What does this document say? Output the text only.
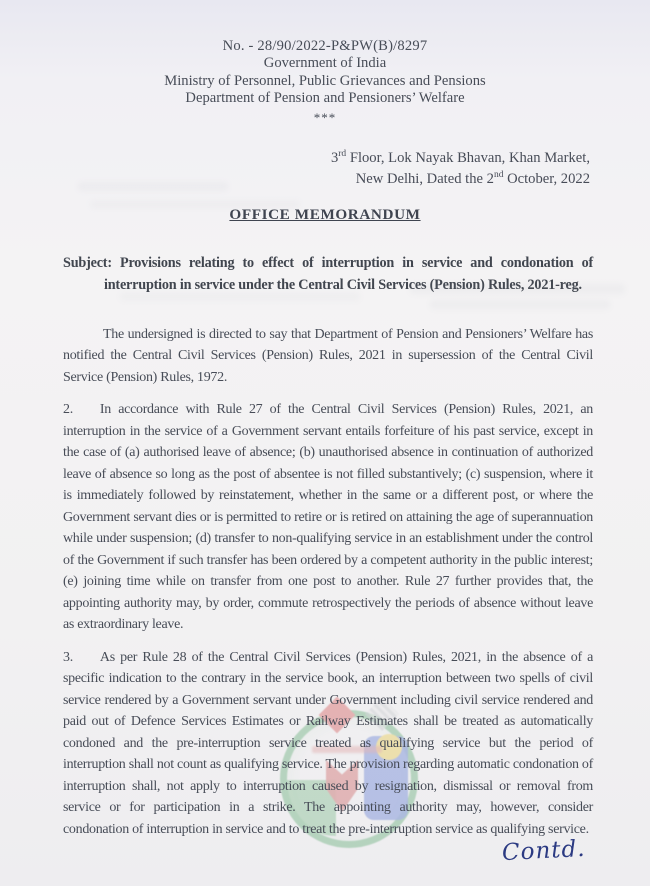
No. - 28/90/2022-P&PW(B)/8297
Government of India
Ministry of Personnel, Public Grievances and Pensions
Department of Pension and Pensioners’ Welfare
***
3rd Floor, Lok Nayak Bhavan, Khan Market,
New Delhi, Dated the 2nd October, 2022
OFFICE MEMORANDUM
Subject: Provisions relating to effect of interruption in service and condonation of interruption in service under the Central Civil Services (Pension) Rules, 2021-reg.

The undersigned is directed to say that Department of Pension and Pensioners’ Welfare has notified the Central Civil Services (Pension) Rules, 2021 in supersession of the Central Civil Service (Pension) Rules, 1972.

2. In accordance with Rule 27 of the Central Civil Services (Pension) Rules, 2021, an interruption in the service of a Government servant entails forfeiture of his past service, except in the case of (a) authorised leave of absence; (b) unauthorised absence in continuation of authorized leave of absence so long as the post of absentee is not filled substantively; (c) suspension, where it is immediately followed by reinstatement, whether in the same or a different post, or where the Government servant dies or is permitted to retire or is retired on attaining the age of superannuation while under suspension; (d) transfer to non-qualifying service in an establishment under the control of the Government if such transfer has been ordered by a competent authority in the public interest; (e) joining time while on transfer from one post to another. Rule 27 further provides that, the appointing authority may, by order, commute retrospectively the periods of absence without leave as extraordinary leave.

3. As per Rule 28 of the Central Civil Services (Pension) Rules, 2021, in the absence of a specific indication to the contrary in the service book, an interruption between two spells of civil service rendered by a Government servant under Government including civil service rendered and paid out of Defence Services Estimates or Railway Estimates shall be treated as automatically condoned and the pre-interruption service treated as qualifying service but the period of interruption shall not count as qualifying service. The provision regarding automatic condonation of interruption shall, not apply to interruption caused by resignation, dismissal or removal from service or for participation in a strike. The appointing authority may, however, consider condonation of interruption in service and to treat the pre-interruption service as qualifying service.

Contd.
